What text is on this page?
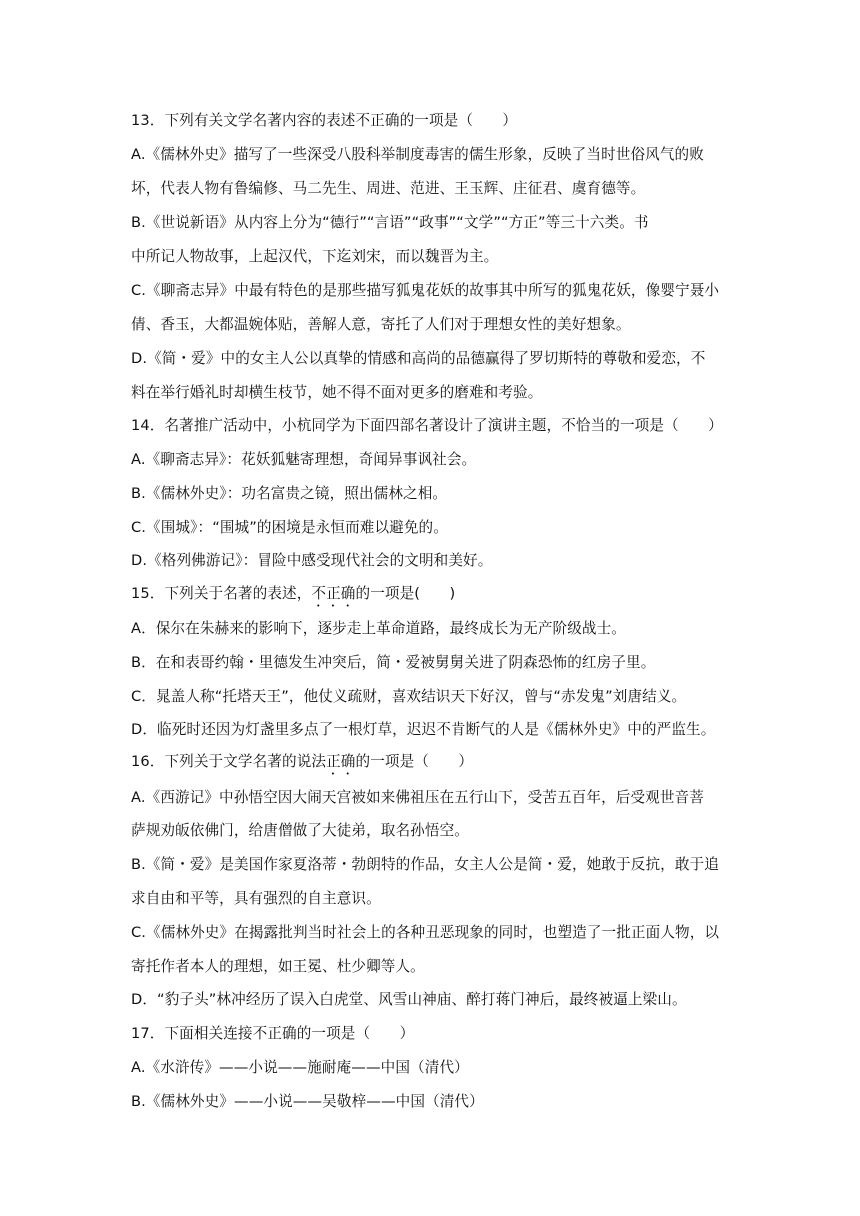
13．下列有关文学名著内容的表述不正确的一项是（　　）
A.《儒林外史》描写了一些深受八股科举制度毒害的儒生形象，反映了当时世俗风气的败
坏，代表人物有鲁编修、马二先生、周进、范进、王玉辉、庄征君、虞育德等。
B.《世说新语》从内容上分为“德行”“言语”“政事”“文学”“方正”等三十六类。书
中所记人物故事，上起汉代，下迄刘宋，而以魏晋为主。
C.《聊斋志异》中最有特色的是那些描写狐鬼花妖的故事其中所写的狐鬼花妖，像婴宁聂小
倩、香玉，大都温婉体贴，善解人意，寄托了人们对于理想女性的美好想象。
D.《简・爱》中的女主人公以真挚的情感和高尚的品德赢得了罗切斯特的尊敬和爱恋，不
料在举行婚礼时却横生枝节，她不得不面对更多的磨难和考验。
14．名著推广活动中，小杭同学为下面四部名著设计了演讲主题，不恰当的一项是（　　）
A.《聊斋志异》：花妖狐魅寄理想，奇闻异事讽社会。
B.《儒林外史》：功名富贵之镜，照出儒林之相。
C.《围城》：“围城”的困境是永恒而难以避免的。
D.《格列佛游记》：冒险中感受现代社会的文明和美好。
15．下列关于名著的表述，不正确的一项是(　　)
A．保尔在朱赫来的影响下，逐步走上革命道路，最终成长为无产阶级战士。
B．在和表哥约翰・里德发生冲突后，简・爱被舅舅关进了阴森恐怖的红房子里。
C．晁盖人称“托塔天王”，他仗义疏财，喜欢结识天下好汉，曾与“赤发鬼”刘唐结义。
D．临死时还因为灯盏里多点了一根灯草，迟迟不肯断气的人是《儒林外史》中的严监生。
16．下列关于文学名著的说法正确的一项是（　　）
A.《西游记》中孙悟空因大闹天宫被如来佛祖压在五行山下，受苦五百年，后受观世音菩
萨规劝皈依佛门，给唐僧做了大徒弟，取名孙悟空。
B.《简・爱》是美国作家夏洛蒂・勃朗特的作品，女主人公是简・爱，她敢于反抗，敢于追
求自由和平等，具有强烈的自主意识。
C.《儒林外史》在揭露批判当时社会上的各种丑恶现象的同时，也塑造了一批正面人物，以
寄托作者本人的理想，如王冕、杜少卿等人。
D．“豹子头”林冲经历了误入白虎堂、风雪山神庙、醉打蒋门神后，最终被逼上梁山。
17．下面相关连接不正确的一项是（　　）
A.《水浒传》——小说——施耐庵——中国（清代）
B.《儒林外史》——小说——吴敬梓——中国（清代）
